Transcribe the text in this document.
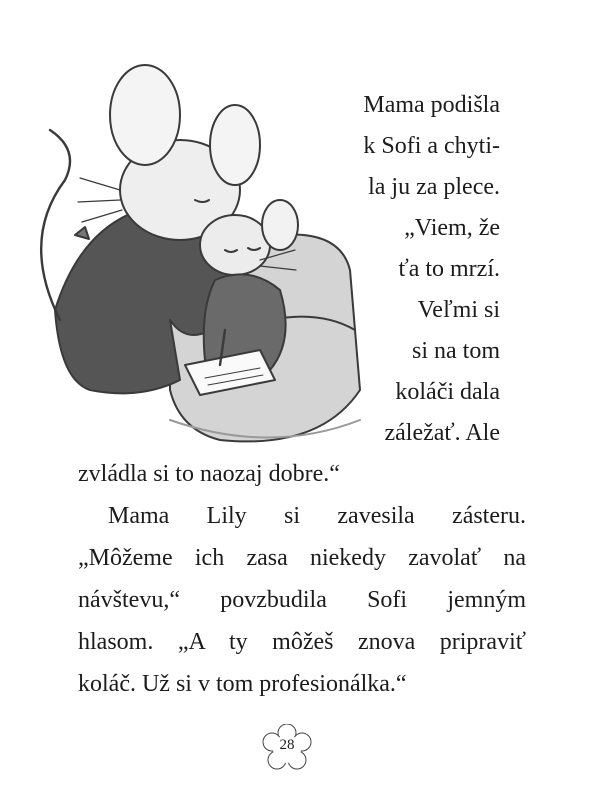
Mama podišla
k Sofi a chyti-
la ju za plece.
„Viem, že
ťa to mrzí.
Veľmi si
si na tom
koláči dala
záležať. Ale
zvládla si to naozaj dobre.“
Mama Lily si zavesila zásteru.
„Môžeme ich zasa niekedy zavolať na
návštevu,“ povzbudila Sofi jemným
hlasom. „A ty môžeš znova pripraviť
koláč. Už si v tom profesionálka.“
28
